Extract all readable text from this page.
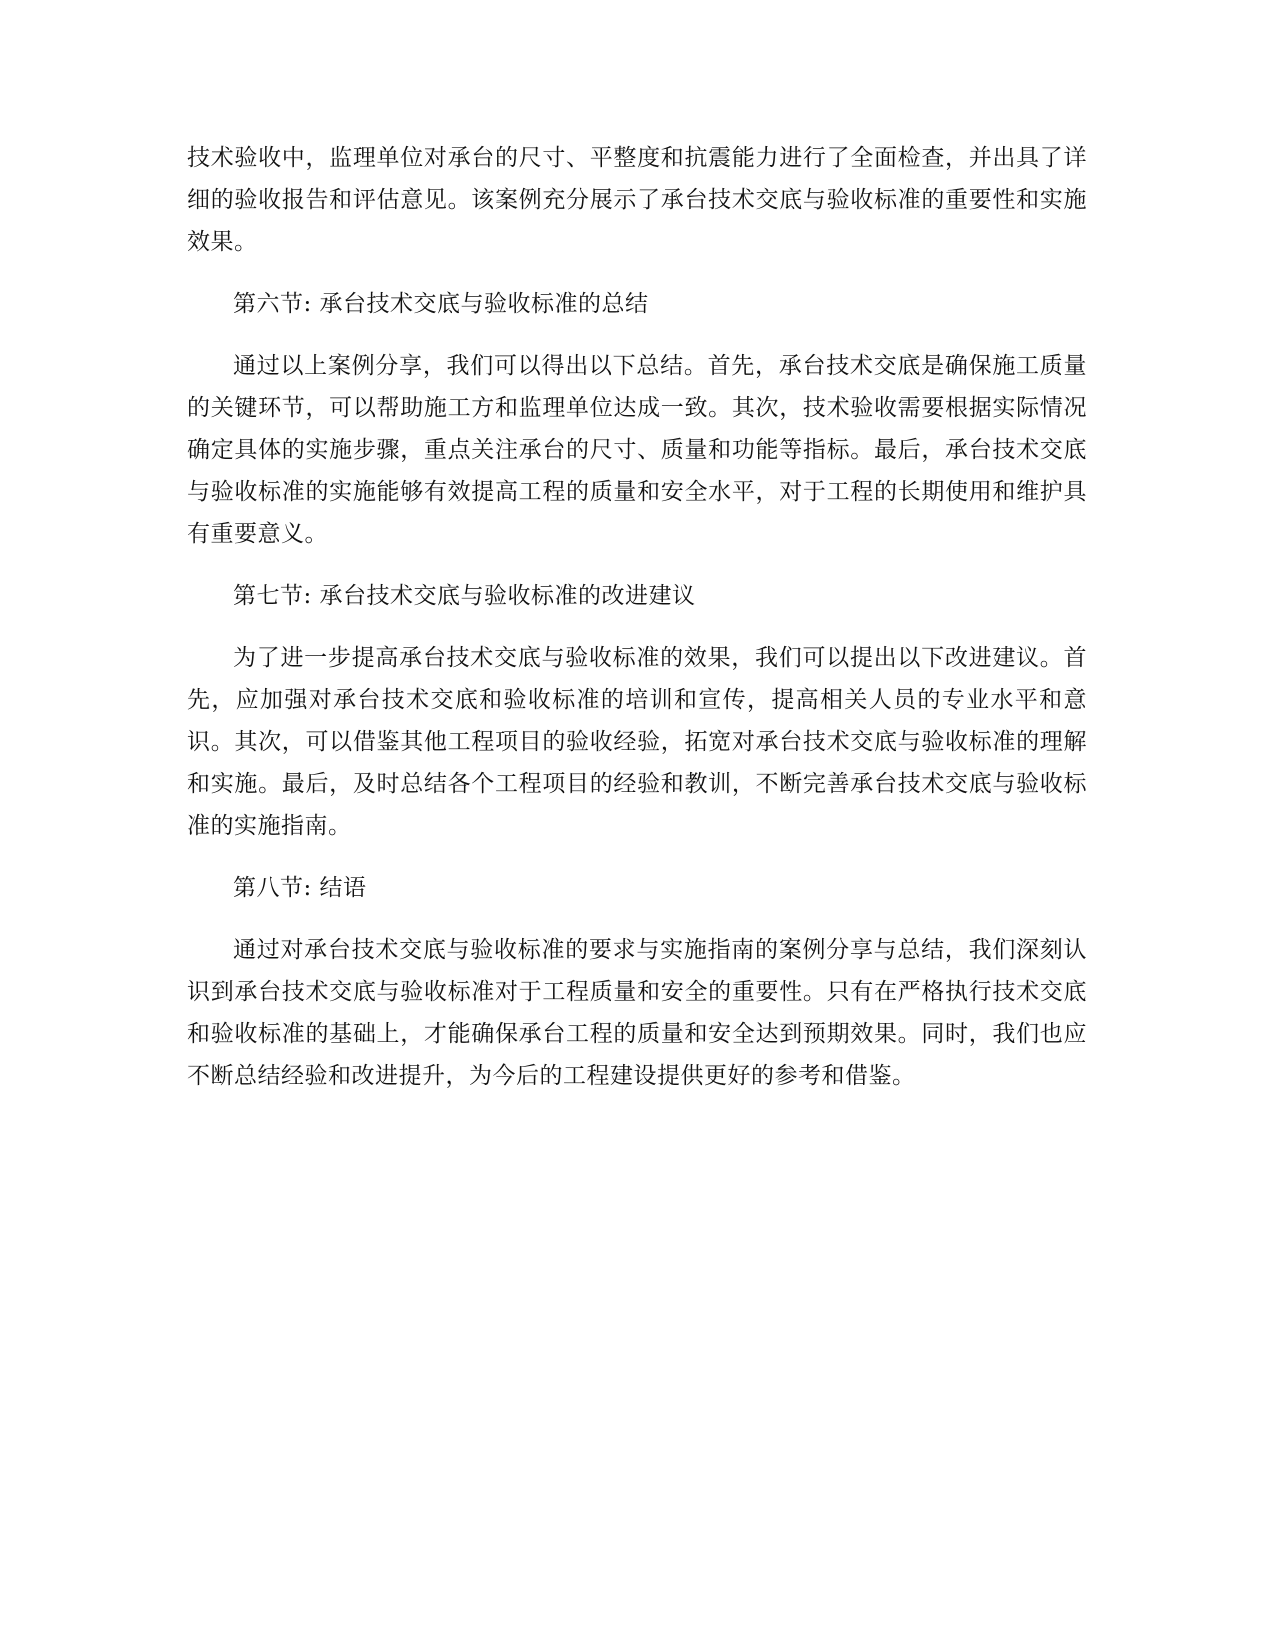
技术验收中，监理单位对承台的尺寸、平整度和抗震能力进行了全面检查，并出具了详细的验收报告和评估意见。该案例充分展示了承台技术交底与验收标准的重要性和实施效果。

第六节: 承台技术交底与验收标准的总结

通过以上案例分享，我们可以得出以下总结。首先，承台技术交底是确保施工质量的关键环节，可以帮助施工方和监理单位达成一致。其次，技术验收需要根据实际情况确定具体的实施步骤，重点关注承台的尺寸、质量和功能等指标。最后，承台技术交底与验收标准的实施能够有效提高工程的质量和安全水平，对于工程的长期使用和维护具有重要意义。

第七节: 承台技术交底与验收标准的改进建议

为了进一步提高承台技术交底与验收标准的效果，我们可以提出以下改进建议。首先，应加强对承台技术交底和验收标准的培训和宣传，提高相关人员的专业水平和意识。其次，可以借鉴其他工程项目的验收经验，拓宽对承台技术交底与验收标准的理解和实施。最后，及时总结各个工程项目的经验和教训，不断完善承台技术交底与验收标准的实施指南。

第八节: 结语

通过对承台技术交底与验收标准的要求与实施指南的案例分享与总结，我们深刻认识到承台技术交底与验收标准对于工程质量和安全的重要性。只有在严格执行技术交底和验收标准的基础上，才能确保承台工程的质量和安全达到预期效果。同时，我们也应不断总结经验和改进提升，为今后的工程建设提供更好的参考和借鉴。
